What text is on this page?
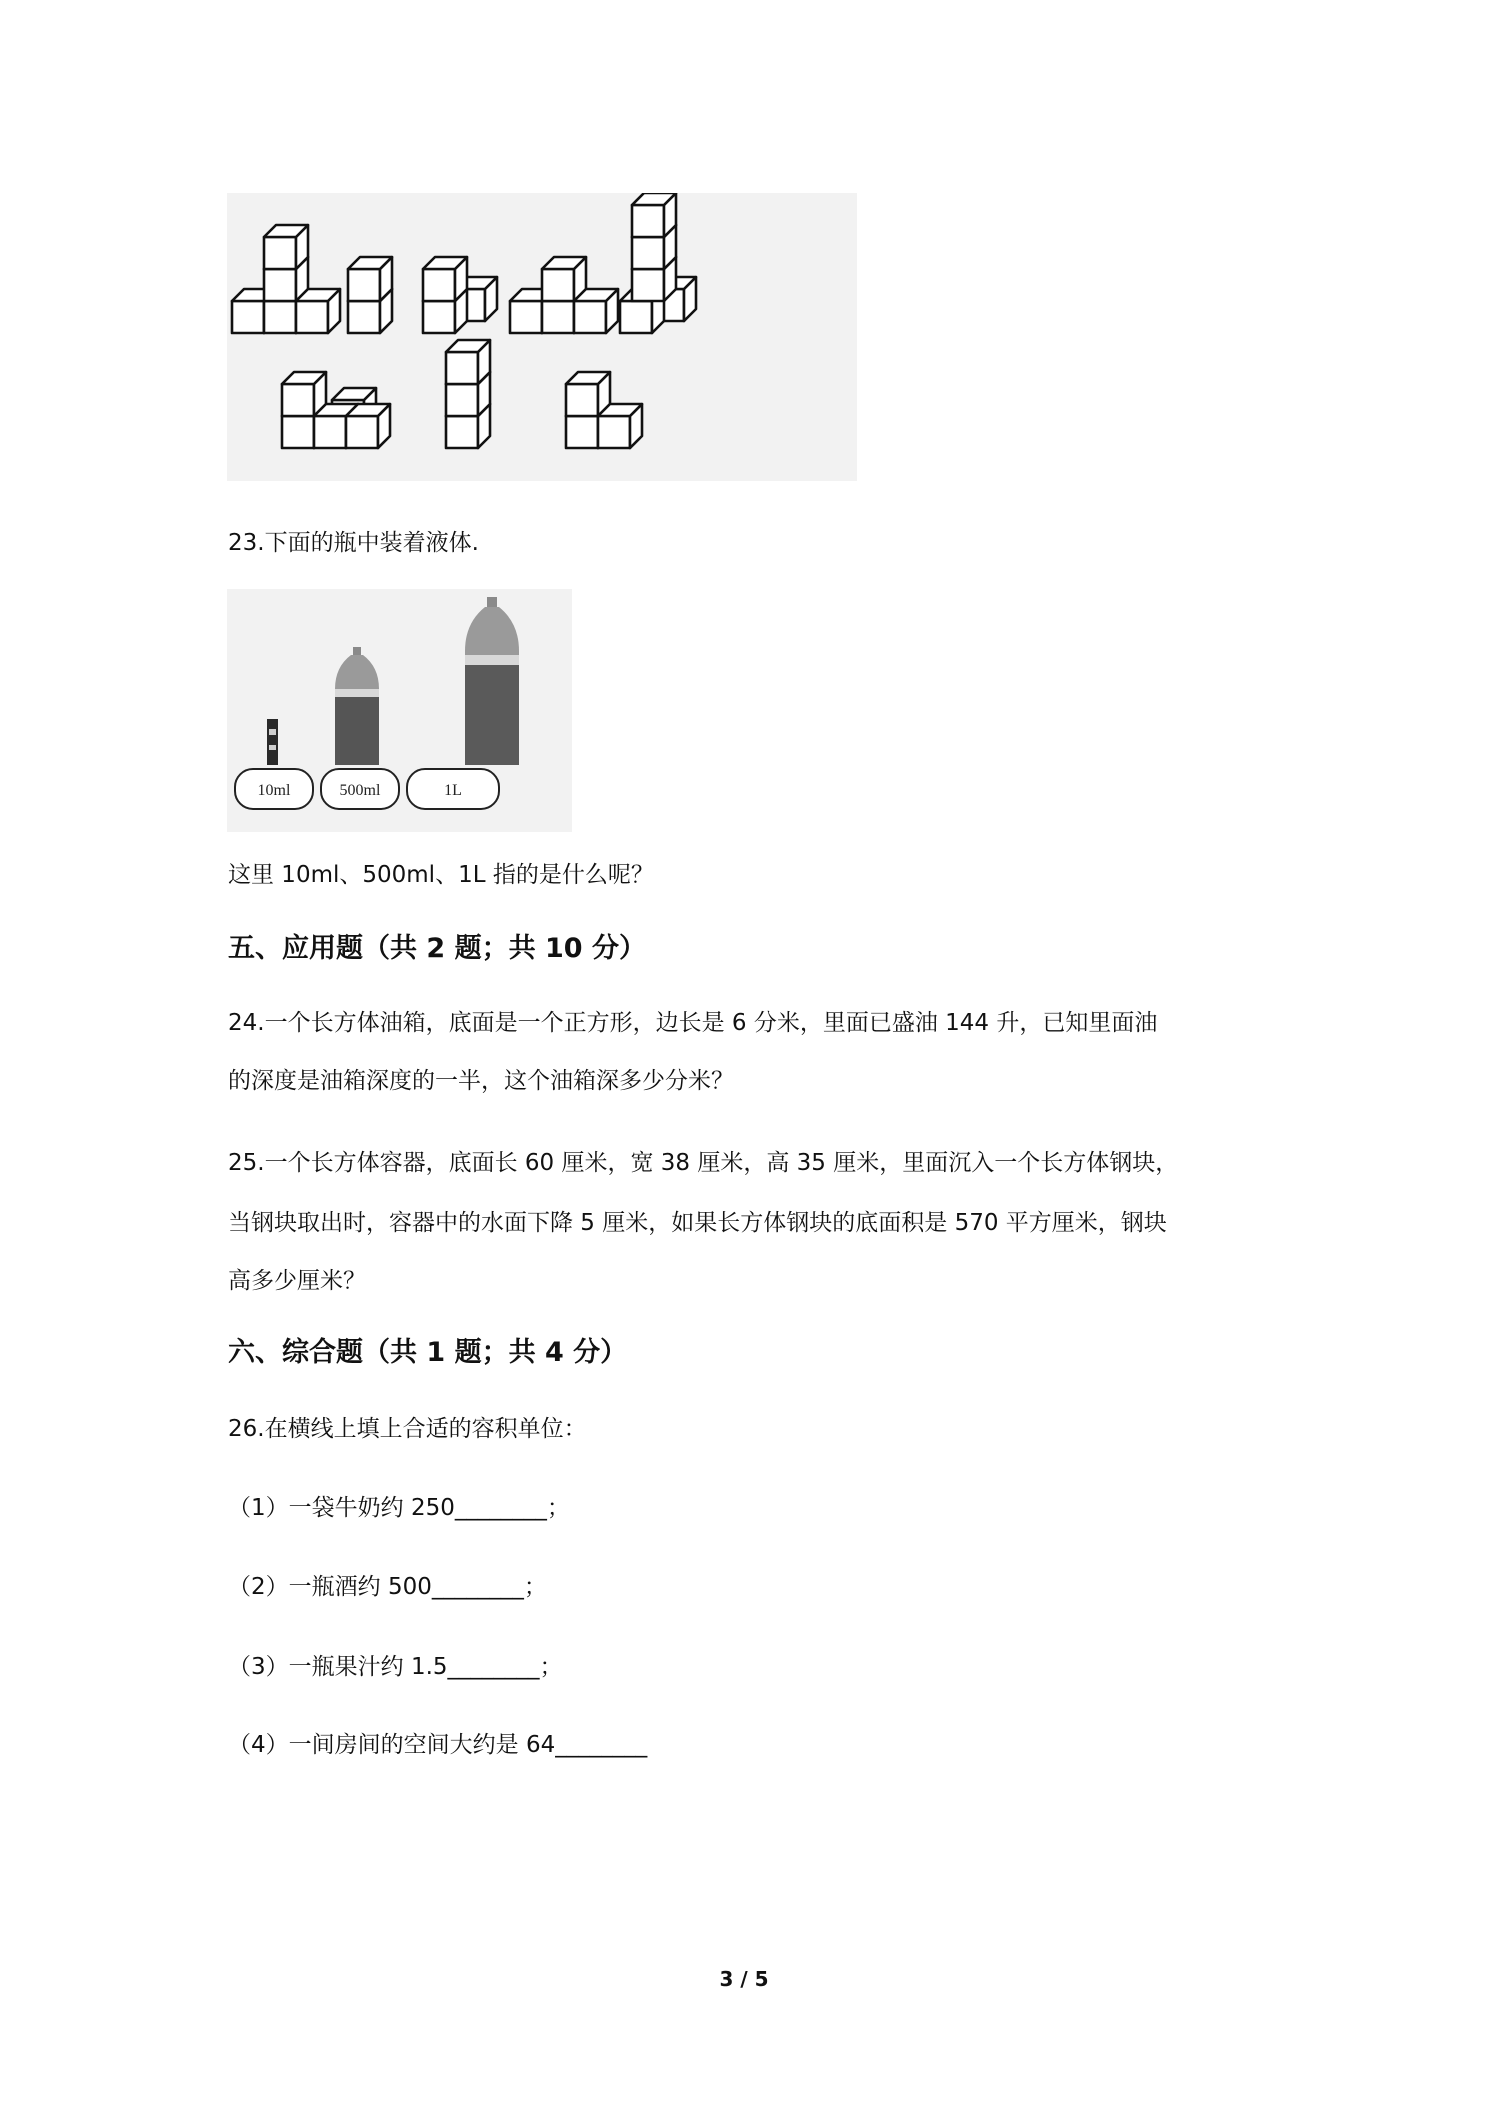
23.下面的瓶中装着液体.
10ml	500ml	1L
这里 10ml、500ml、1L 指的是什么呢？
五、应用题（共 2 题；共 10 分）
24.一个长方体油箱，底面是一个正方形，边长是 6 分米，里面已盛油 144 升，已知里面油
的深度是油箱深度的一半，这个油箱深多少分米？
25.一个长方体容器，底面长 60 厘米，宽 38 厘米，高 35 厘米，里面沉入一个长方体钢块，
当钢块取出时，容器中的水面下降 5 厘米，如果长方体钢块的底面积是 570 平方厘米，钢块
高多少厘米？
六、综合题（共 1 题；共 4 分）
26.在横线上填上合适的容积单位：
（1）一袋牛奶约 250________；
（2）一瓶酒约 500________；
（3）一瓶果汁约 1.5________；
（4）一间房间的空间大约是 64________
3 / 5
